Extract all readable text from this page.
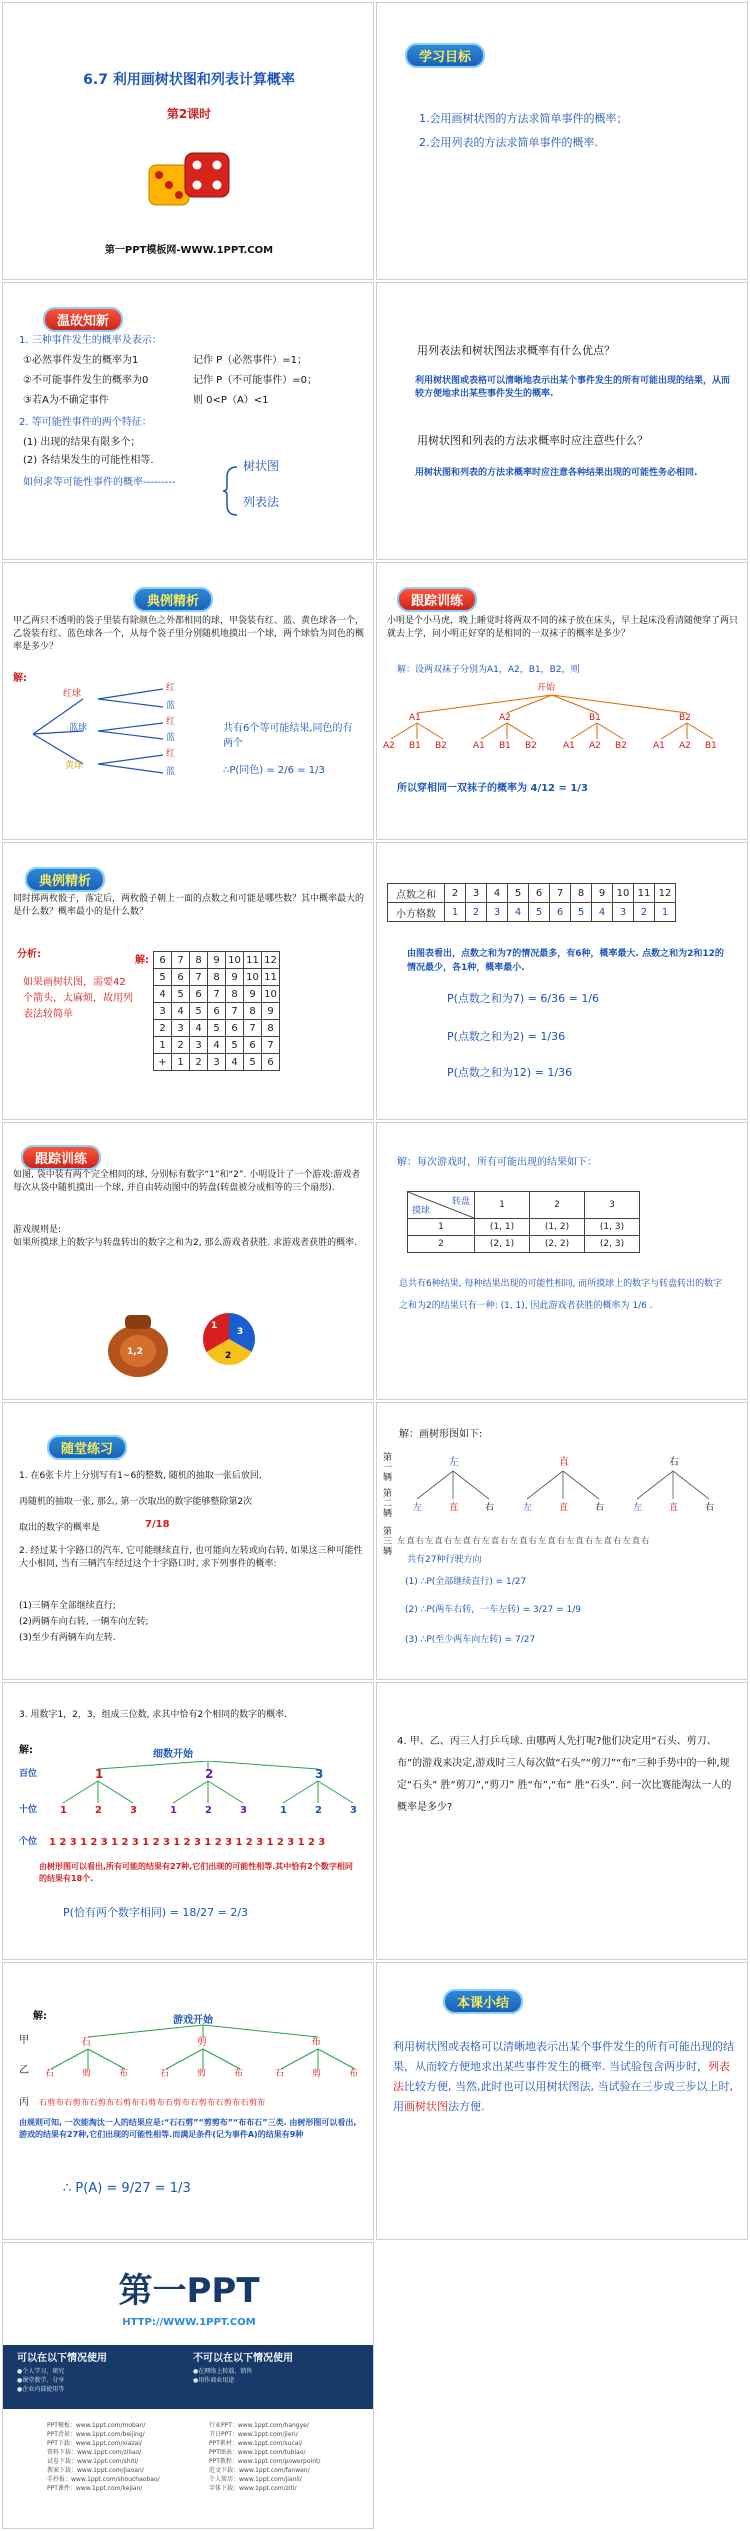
6.7 利用画树状图和列表计算概率
第2课时
第一PPT模板网-WWW.1PPT.COM
学习目标
1.会用画树状图的方法求简单事件的概率；
2.会用列表的方法求简单事件的概率.
温故知新
1. 三种事件发生的概率及表示：
①必然事件发生的概率为1	记作 P（必然事件）=1；
②不可能事件发生的概率为0	记作 P（不可能事件）=0；
③若A为不确定事件	则 0<P（A）<1
2. 等可能性事件的两个特征：
(1) 出现的结果有限多个；
(2) 各结果发生的可能性相等.
如何求等可能性事件的概率---------
树状图
列表法
用列表法和树状图法求概率有什么优点？
利用树状图或表格可以清晰地表示出某个事件发生的所有可能出现的结果，从而较方便地求出某些事件发生的概率.
用树状图和列表的方法求概率时应注意些什么？
用树状图和列表的方法求概率时应注意各种结果出现的可能性务必相同.
典例精析
甲乙两只不透明的袋子里装有除颜色之外都相同的球，甲袋装有红、蓝、黄色球各一个，乙袋装有红、蓝色球各一个，从每个袋子里分别随机地摸出一个球，两个球恰为同色的概率是多少？
解:
红球
蓝球
黄球
红
蓝
红
蓝
红
蓝
共有6个等可能结果,同色的有两个
∴P(同色) = 2/6 = 1/3
跟踪训练
小明是个小马虎，晚上睡觉时将两双不同的袜子放在床头，早上起床没看清随便穿了两只就去上学，问小明正好穿的是相同的一双袜子的概率是多少？
解：设两双袜子分别为A1，A2，B1，B2，则
开始
A1	A2	B1	B2
A2 B1 B2	A1 B1 B2	A1 A2 B2	A1 A2 B1
所以穿相同一双袜子的概率为 4/12 = 1/3
典例精析
同时掷两枚骰子，落定后，两枚骰子朝上一面的点数之和可能是哪些数？其中概率最大的是什么数？概率最小的是什么数？
分析:
如果画树状图，需要42个箭头，太麻烦，故用列表法较简单
解: 6	7	8	9	10	11	12
5	6	7	8	9	10	11
4	5	6	7	8	9	10
3	4	5	6	7	8	9
2	3	4	5	6	7	8
1	2	3	4	5	6	7
+	1	2	3	4	5	6
点数之和	2	3	4	5	6	7	8	9	10	11	12
小方格数	1	2	3	4	5	6	5	4	3	2	1
由图表看出，点数之和为7的情况最多，有6种，概率最大. 点数之和为2和12的情况最少，各1种，概率最小.
P(点数之和为7) = 6/36 = 1/6
P(点数之和为2) = 1/36
P(点数之和为12) = 1/36
跟踪训练
如图, 袋中装有两个完全相同的球, 分别标有数字“1”和“2”. 小明设计了一个游戏:游戏者每次从袋中随机摸出一个球, 并自由转动图中的转盘(转盘被分成相等的三个扇形).
游戏规则是:
如果所摸球上的数字与转盘转出的数字之和为2, 那么游戏者获胜. 求游戏者获胜的概率.
1
3
2
1,2
解：每次游戏时，所有可能出现的结果如下：
转盘
摸球	1	2	3
1	(1, 1)	(1, 2)	(1, 3)
2	(2, 1)	(2, 2)	(2, 3)
总共有6种结果, 每种结果出现的可能性相同, 而所摸球上的数字与转盘转出的数字之和为2的结果只有一种: (1, 1), 因此游戏者获胜的概率为 1/6 .
随堂练习
1. 在6张卡片上分别写有1~6的整数, 随机的抽取一张后放回,
再随机的抽取一张, 那么, 第一次取出的数字能够整除第2次
取出的数字的概率是	7/18
2. 经过某十字路口的汽车, 它可能继续直行, 也可能向左转或向右转, 如果这三种可能性大小相同, 当有三辆汽车经过这个十字路口时, 求下列事件的概率:
(1)三辆车全部继续直行;
(2)两辆车向右转, 一辆车向左转;
(3)至少有两辆车向左转.
解：画树形图如下:
第一辆
第二辆
第三辆
左	直	右
左	直	右	左	直	右	左	直	右
左直右左直右左直右左直右左直右左直右左直右左直右左直右
共有27种行驶方向
(1) ∴P(全部继续直行) = 1/27
(2) ∴P(两车右转，一车左转) = 3/27 = 1/9
(3) ∴P(至少两车向左转) = 7/27
3. 用数字1，2，3，组成三位数, 求其中恰有2个相同的数字的概率.
解:	细数开始
百位
十位
个位
1	2	3
1	2	3	1	2	3	1	2	3
123123123123123123123123123
由树形图可以看出,所有可能的结果有27种,它们出现的可能性相等.其中恰有2个数字相同的结果有18个.
P(恰有两个数字相同) = 18/27 = 2/3
4. 甲、乙、丙三人打乒乓球. 由哪两人先打呢?他们决定用“石头、剪刀、布”的游戏来决定,游戏时三人每次做“石头”“剪刀”“布”三种手势中的一种,规定“石头” 胜“剪刀”,“剪刀” 胜“布”,“布” 胜“石头”. 问一次比赛能淘汰一人的概率是多少?
解:	游戏开始
甲
乙
丙
石	剪	布
石	剪	布	石	剪	布	石	剪	布
石剪布石剪布石剪布石剪布石剪布石剪布石剪布石剪布石剪布
由规则可知, 一次能淘汰一人的结果应是:“石石剪”“剪剪布”“布布石”三类. 由树形图可以看出,游戏的结果有27种,它们出现的可能性相等.而满足条件(记为事件A)的结果有9种
∴ P(A) = 9/27 = 1/3
本课小结
利用树状图或表格可以清晰地表示出某个事件发生的所有可能出现的结果，从而较方便地求出某些事件发生的概率. 当试验包含两步时，列表法比较方便, 当然,此时也可以用树状图法, 当试验在三步或三步以上时,用画树状图法方便.
第一PPT
HTTP://WWW.1PPT.COM
可以在以下情况使用
●个人学习、研究
●课堂教学、分享
●企业内部使用等
不可以在以下情况使用
●在网络上转载、销售
●用作商业用途
PPT模板：www.1ppt.com/moban/
PPT背景：www.1ppt.com/beijing/
PPT下载：www.1ppt.com/xiazai/
资料下载：www.1ppt.com/ziliao/
试卷下载：www.1ppt.com/shiti/
教案下载：www.1ppt.com/jiaoan/
手抄报：www.1ppt.com/shouchaobao/
PPT课件：www.1ppt.com/kejian/
行业PPT：www.1ppt.com/hangye/
节日PPT：www.1ppt.com/jieri/
PPT素材：www.1ppt.com/sucai/
PPT图表：www.1ppt.com/tubiao/
PPT教程：www.1ppt.com/powerpoint/
范文下载：www.1ppt.com/fanwen/
个人简历：www.1ppt.com/jianli/
字体下载：www.1ppt.com/ziti/
